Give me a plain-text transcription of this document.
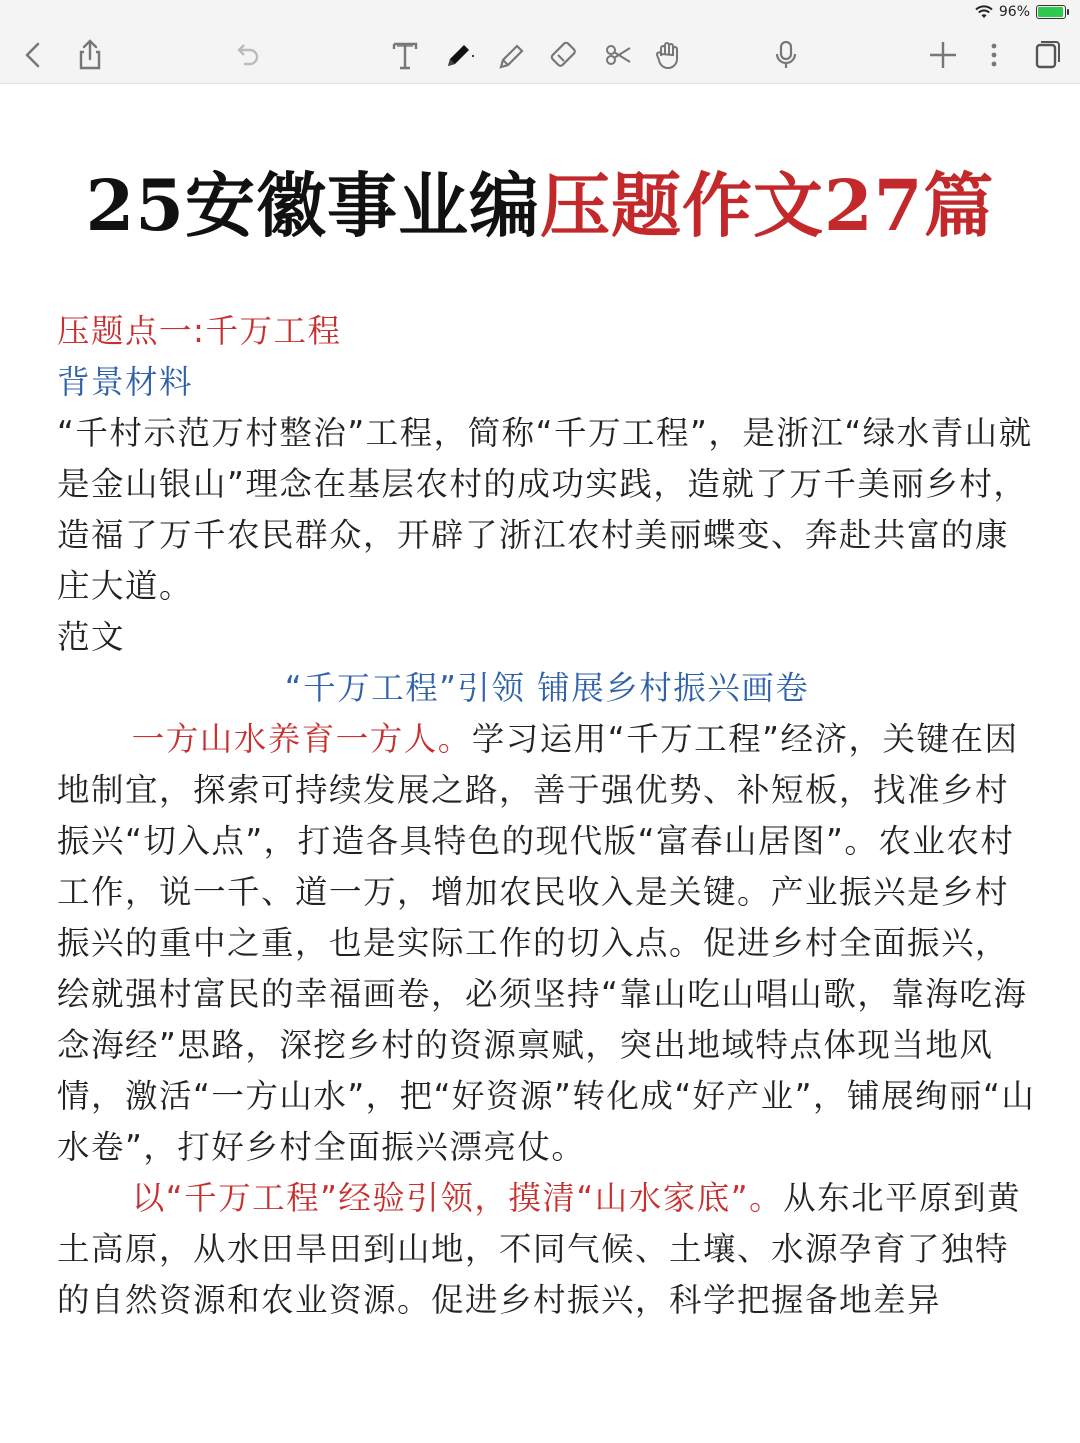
96%
25安徽事业编压题作文27篇

压题点一:千万工程

背景材料

“千村示范万村整治”工程，简称“千万工程”，是浙江“绿水青山就是金山银山”理念在基层农村的成功实践，造就了万千美丽乡村，造福了万千农民群众，开辟了浙江农村美丽蝶变、奔赴共富的康庄大道。

范文

“千万工程”引领 铺展乡村振兴画卷

一方山水养育一方人。学习运用“千万工程”经济，关键在因地制宜，探索可持续发展之路，善于强优势、补短板，找准乡村振兴“切入点”，打造各具特色的现代版“富春山居图”。农业农村工作，说一千、道一万，增加农民收入是关键。产业振兴是乡村振兴的重中之重，也是实际工作的切入点。促进乡村全面振兴，绘就强村富民的幸福画卷，必须坚持“靠山吃山唱山歌，靠海吃海念海经”思路，深挖乡村的资源禀赋，突出地域特点体现当地风情，激活“一方山水”，把“好资源”转化成“好产业”，铺展绚丽“山水卷”，打好乡村全面振兴漂亮仗。

以“千万工程”经验引领，摸清“山水家底”。从东北平原到黄土高原，从水田旱田到山地，不同气候、土壤、水源孕育了独特的自然资源和农业资源。促进乡村振兴，科学把握备地差异
